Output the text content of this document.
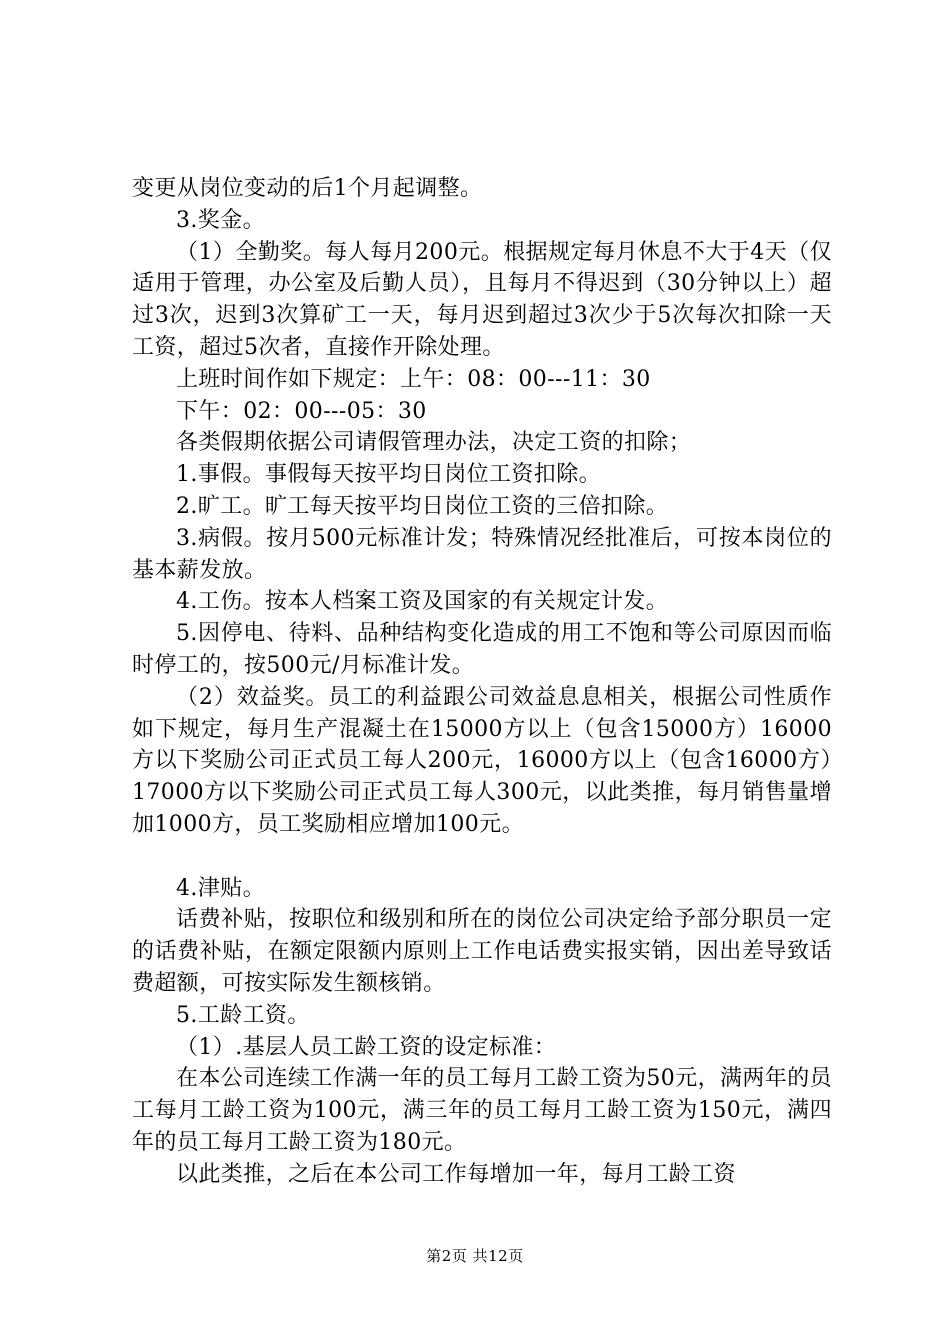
变更从岗位变动的后1个月起调整。

3.奖金。

（1）全勤奖。每人每月200元。根据规定每月休息不大于4天（仅适用于管理，办公室及后勤人员），且每月不得迟到（30分钟以上）超过3次，迟到3次算矿工一天，每月迟到超过3次少于5次每次扣除一天工资，超过5次者，直接作开除处理。

上班时间作如下规定：上午：08：00---11：30

下午：02：00---05：30

各类假期依据公司请假管理办法，决定工资的扣除；

1.事假。事假每天按平均日岗位工资扣除。

2.旷工。旷工每天按平均日岗位工资的三倍扣除。

3.病假。按月500元标准计发；特殊情况经批准后，可按本岗位的基本薪发放。

4.工伤。按本人档案工资及国家的有关规定计发。

5.因停电、待料、品种结构变化造成的用工不饱和等公司原因而临时停工的，按500元/月标准计发。

（2）效益奖。员工的利益跟公司效益息息相关，根据公司性质作如下规定，每月生产混凝土在15000方以上（包含15000方）16000方以下奖励公司正式员工每人200元，16000方以上（包含16000方）17000方以下奖励公司正式员工每人300元，以此类推，每月销售量增加1000方，员工奖励相应增加100元。

4.津贴。

话费补贴，按职位和级别和所在的岗位公司决定给予部分职员一定的话费补贴，在额定限额内原则上工作电话费实报实销，因出差导致话费超额，可按实际发生额核销。

5.工龄工资。

（1）.基层人员工龄工资的设定标准：

在本公司连续工作满一年的员工每月工龄工资为50元，满两年的员工每月工龄工资为100元，满三年的员工每月工龄工资为150元，满四年的员工每月工龄工资为180元。

以此类推，之后在本公司工作每增加一年，每月工龄工资

第2页 共12页
